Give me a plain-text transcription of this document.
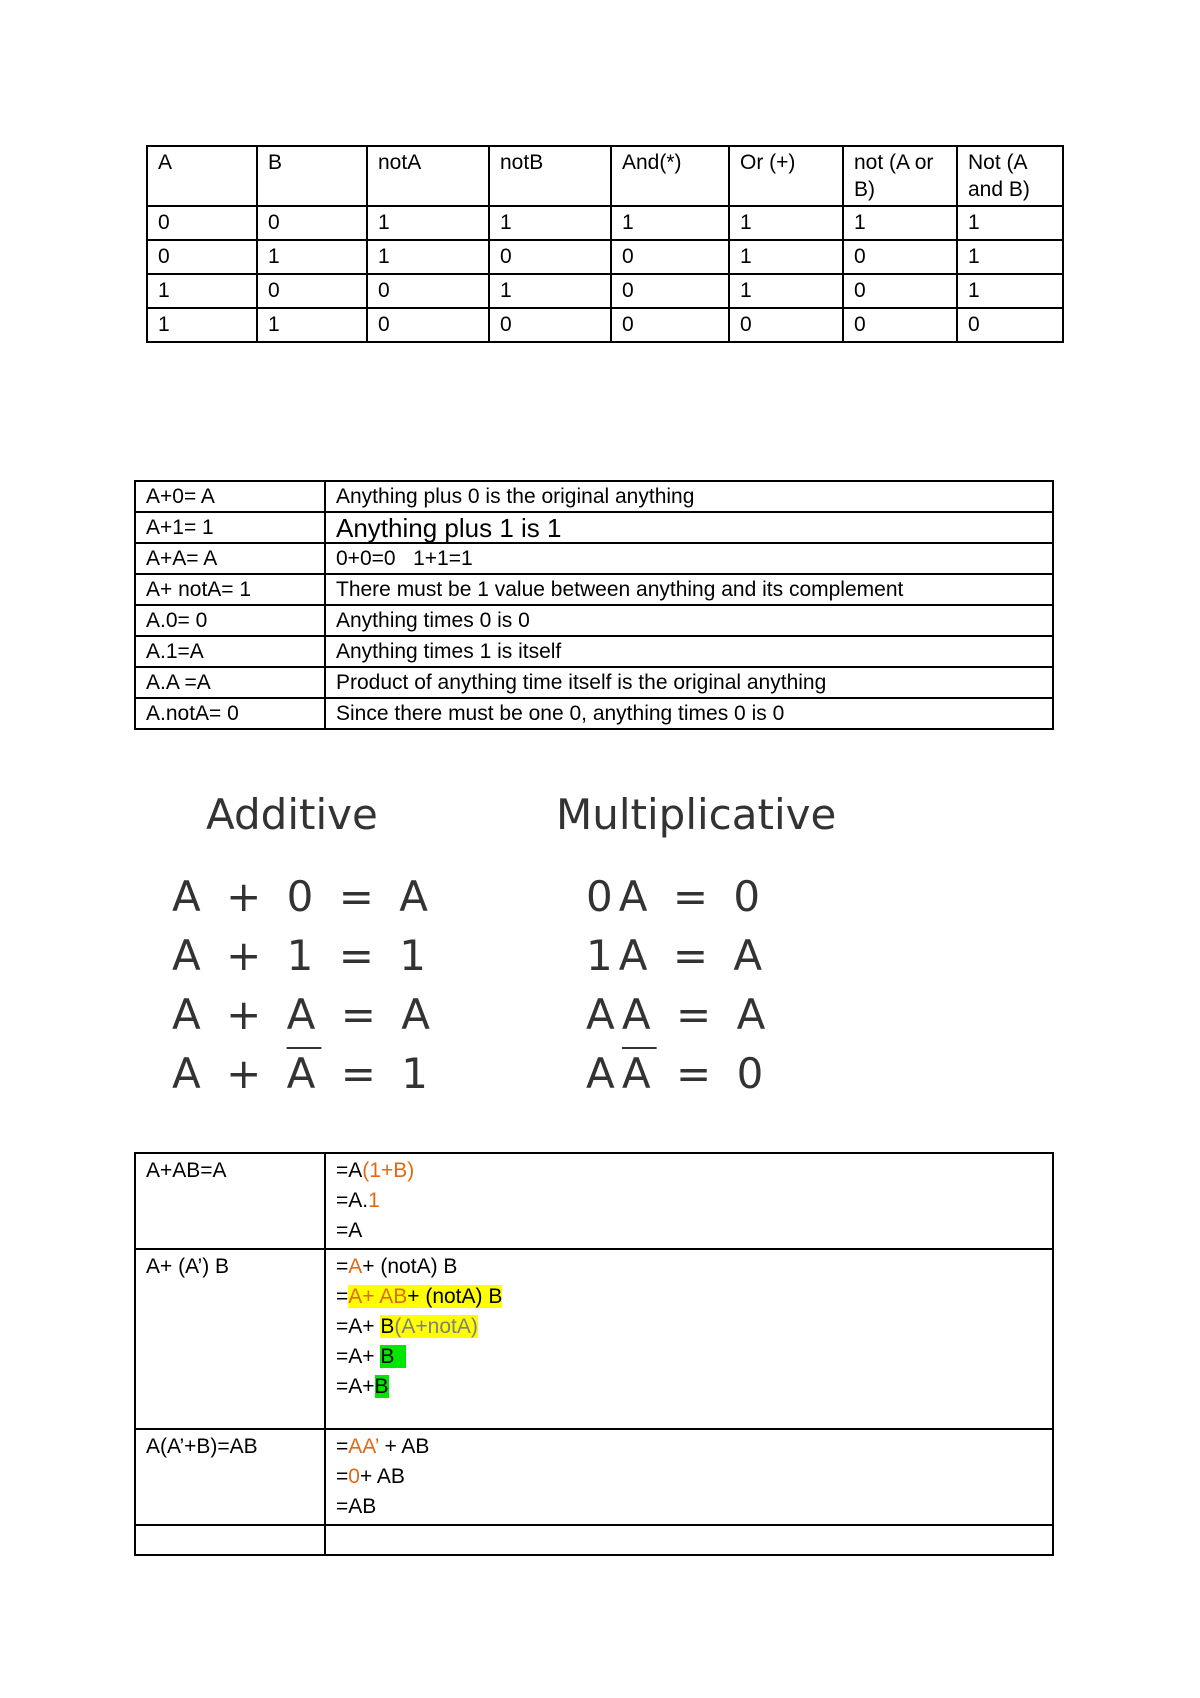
A	B	notA	notB	And(*)	Or (+)	not (A or B)	Not (A and B)
0	0	1	1	1	1	1	1
0	1	1	0	0	1	0	1
1	0	0	1	0	1	0	1
1	1	0	0	0	0	0	0
A+0= A	Anything plus 0 is the original anything
A+1= 1	Anything plus 1 is 1
A+A= A	0+0=0   1+1=1
A+ notA= 1	There must be 1 value between anything and its complement
A.0= 0	Anything times 0 is 0
A.1=A	Anything times 1 is itself
A.A =A	Product of anything time itself is the original anything
A.notA= 0	Since there must be one 0, anything times 0 is 0
Additive	Multiplicative
A + 0 = A
A + 1 = 1
A + A = A
$A + \overline{A} = 1$
0A = 0
1A = A
AA = A
$A\overline{A} = 0$
A+AB=A	=A(1+B)
=A.1
=A

A+ (A’) B	=A+ (notA) B
=A+ AB+ (notA) B
=A+ B(A+notA)
=A+ B1
=A+B

A(A’+B)=AB	=AA’ + AB
=0+ AB
=AB
